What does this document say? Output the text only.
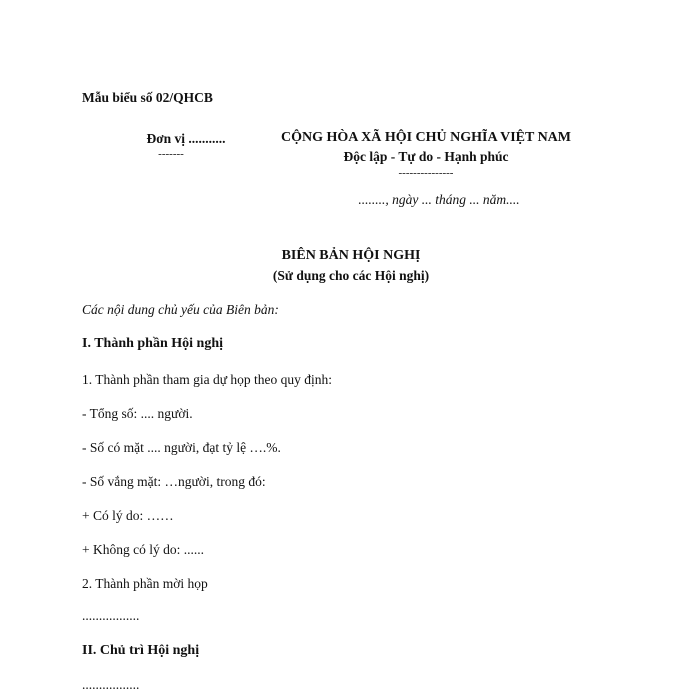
Mẫu biểu số 02/QHCB
Đơn vị ...........
-------
CỘNG HÒA XÃ HỘI CHỦ NGHĨA VIỆT NAM
Độc lập - Tự do - Hạnh phúc
---------------
........, ngày ... tháng ... năm....
BIÊN BẢN HỘI NGHỊ
(Sử dụng cho các Hội nghị)
Các nội dung chủ yếu của Biên bản:
I. Thành phần Hội nghị
1. Thành phần tham gia dự họp theo quy định:
- Tổng số: .... người.
- Số có mặt .... người, đạt tỷ lệ ….%.
- Số vắng mặt: …người, trong đó:
+ Có lý do: ……
+ Không có lý do: ......
2. Thành phần mời họp
.................
II. Chủ trì Hội nghị
.................
